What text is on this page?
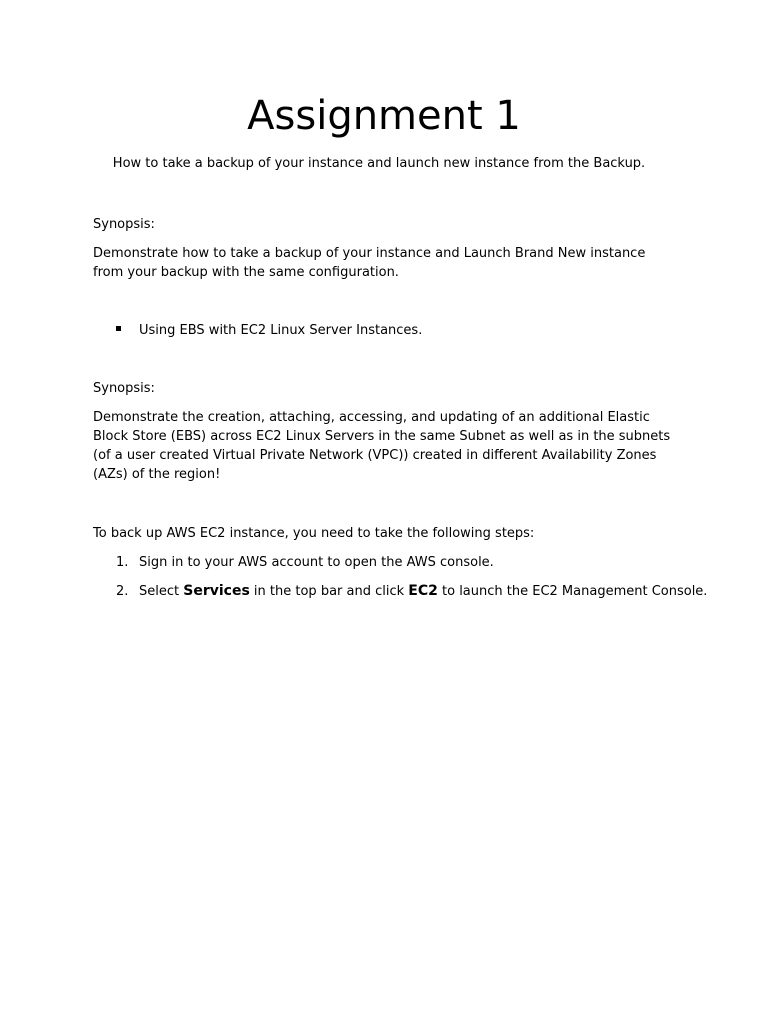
Assignment 1
How to take a backup of your instance and launch new instance from the Backup.

Synopsis:

Demonstrate how to take a backup of your instance and Launch Brand New instance from your backup with the same configuration.

Using EBS with EC2 Linux Server Instances.

Synopsis:

Demonstrate the creation, attaching, accessing, and updating of an additional Elastic Block Store (EBS) across EC2 Linux Servers in the same Subnet as well as in the subnets (of a user created Virtual Private Network (VPC)) created in different Availability Zones (AZs) of the region!

To back up AWS EC2 instance, you need to take the following steps:

1. Sign in to your AWS account to open the AWS console.
2. Select Services in the top bar and click EC2 to launch the EC2 Management Console.
